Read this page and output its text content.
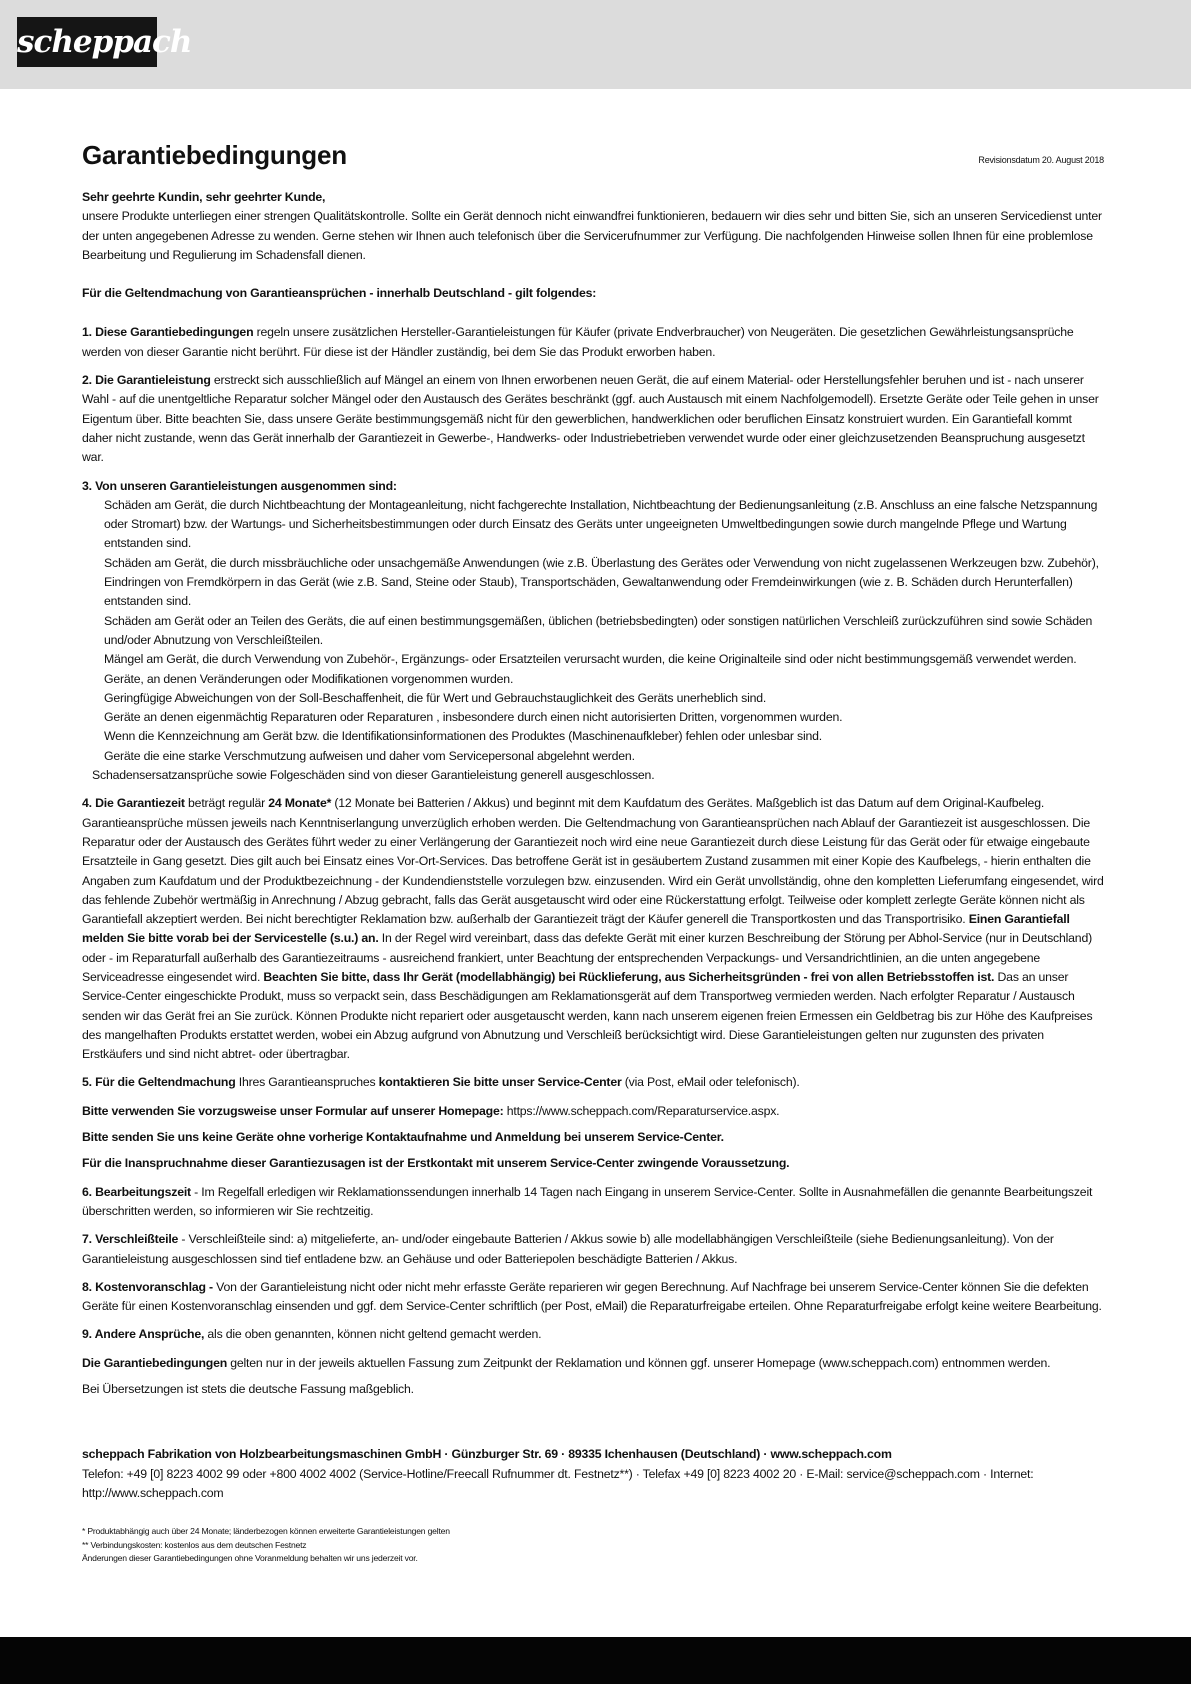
scheppach
Garantiebedingungen	Revisionsdatum 20. August 2018

Sehr geehrte Kundin, sehr geehrter Kunde,

unsere Produkte unterliegen einer strengen Qualitätskontrolle. Sollte ein Gerät dennoch nicht einwandfrei funktionieren, bedauern wir dies sehr und bitten Sie, sich an unseren Servicedienst unter der unten angegebenen Adresse zu wenden. Gerne stehen wir Ihnen auch telefonisch über die Servicerufnummer zur Verfügung. Die nachfolgenden Hinweise sollen Ihnen für eine problemlose Bearbeitung und Regulierung im Schadensfall dienen.

Für die Geltendmachung von Garantieansprüchen - innerhalb Deutschland - gilt folgendes:

1. Diese Garantiebedingungen regeln unsere zusätzlichen Hersteller-Garantieleistungen für Käufer (private Endverbraucher) von Neugeräten. Die gesetzlichen Gewährleistungsansprüche werden von dieser Garantie nicht berührt. Für diese ist der Händler zuständig, bei dem Sie das Produkt erworben haben.

2. Die Garantieleistung erstreckt sich ausschließlich auf Mängel an einem von Ihnen erworbenen neuen Gerät, die auf einem Material- oder Herstellungsfehler beruhen und ist - nach unserer Wahl - auf die unentgeltliche Reparatur solcher Mängel oder den Austausch des Gerätes beschränkt (ggf. auch Austausch mit einem Nachfolgemodell). Ersetzte Geräte oder Teile gehen in unser Eigentum über. Bitte beachten Sie, dass unsere Geräte bestimmungsgemäß nicht für den gewerblichen, handwerklichen oder beruflichen Einsatz konstruiert wurden. Ein Garantiefall kommt daher nicht zustande, wenn das Gerät innerhalb der Garantiezeit in Gewerbe-, Handwerks- oder Industriebetrieben verwendet wurde oder einer gleichzusetzenden Beanspruchung ausgesetzt war.

3. Von unseren Garantieleistungen ausgenommen sind:

Schäden am Gerät, die durch Nichtbeachtung der Montageanleitung, nicht fachgerechte Installation, Nichtbeachtung der Bedienungsanleitung (z.B. Anschluss an eine falsche Netzspannung oder Stromart) bzw. der Wartungs- und Sicherheitsbestimmungen oder durch Einsatz des Geräts unter ungeeigneten Umweltbedingungen sowie durch mangelnde Pflege und Wartung entstanden sind.

Schäden am Gerät, die durch missbräuchliche oder unsachgemäße Anwendungen (wie z.B. Überlastung des Gerätes oder Verwendung von nicht zugelassenen Werkzeugen bzw. Zubehör), Eindringen von Fremdkörpern in das Gerät (wie z.B. Sand, Steine oder Staub), Transportschäden, Gewaltanwendung oder Fremdeinwirkungen (wie z. B. Schäden durch Herunterfallen) entstanden sind.

Schäden am Gerät oder an Teilen des Geräts, die auf einen bestimmungsgemäßen, üblichen (betriebsbedingten) oder sonstigen natürlichen Verschleiß zurückzuführen sind sowie Schäden und/oder Abnutzung von Verschleißteilen.

Mängel am Gerät, die durch Verwendung von Zubehör-, Ergänzungs- oder Ersatzteilen verursacht wurden, die keine Originalteile sind oder nicht bestimmungsgemäß verwendet werden.

Geräte, an denen Veränderungen oder Modifikationen vorgenommen wurden.

Geringfügige Abweichungen von der Soll-Beschaffenheit, die für Wert und Gebrauchstauglichkeit des Geräts unerheblich sind.

Geräte an denen eigenmächtig Reparaturen oder Reparaturen , insbesondere durch einen nicht autorisierten Dritten, vorgenommen wurden.

Wenn die Kennzeichnung am Gerät bzw. die Identifikationsinformationen des Produktes (Maschinenaufkleber) fehlen oder unlesbar sind.

Geräte die eine starke Verschmutzung aufweisen und daher vom Servicepersonal abgelehnt werden.

Schadensersatzansprüche sowie Folgeschäden sind von dieser Garantieleistung generell ausgeschlossen.

4. Die Garantiezeit beträgt regulär 24 Monate* (12 Monate bei Batterien / Akkus) und beginnt mit dem Kaufdatum des Gerätes. Maßgeblich ist das Datum auf dem Original-Kaufbeleg. Garantieansprüche müssen jeweils nach Kenntniserlangung unverzüglich erhoben werden. Die Geltendmachung von Garantieansprüchen nach Ablauf der Garantiezeit ist ausgeschlossen. Die Reparatur oder der Austausch des Gerätes führt weder zu einer Verlängerung der Garantiezeit noch wird eine neue Garantiezeit durch diese Leistung für das Gerät oder für etwaige eingebaute Ersatzteile in Gang gesetzt. Dies gilt auch bei Einsatz eines Vor-Ort-Services. Das betroffene Gerät ist in gesäubertem Zustand zusammen mit einer Kopie des Kaufbelegs, - hierin enthalten die Angaben zum Kaufdatum und der Produktbezeichnung - der Kundendienststelle vorzulegen bzw. einzusenden. Wird ein Gerät unvollständig, ohne den kompletten Lieferumfang eingesendet, wird das fehlende Zubehör wertmäßig in Anrechnung / Abzug gebracht, falls das Gerät ausgetauscht wird oder eine Rückerstattung erfolgt. Teilweise oder komplett zerlegte Geräte können nicht als Garantiefall akzeptiert werden. Bei nicht berechtigter Reklamation bzw. außerhalb der Garantiezeit trägt der Käufer generell die Transportkosten und das Transportrisiko. Einen Garantiefall melden Sie bitte vorab bei der Servicestelle (s.u.) an. In der Regel wird vereinbart, dass das defekte Gerät mit einer kurzen Beschreibung der Störung per Abhol-Service (nur in Deutschland) oder - im Reparaturfall außerhalb des Garantiezeitraums - ausreichend frankiert, unter Beachtung der entsprechenden Verpackungs- und Versandrichtlinien, an die unten angegebene Serviceadresse eingesendet wird. Beachten Sie bitte, dass Ihr Gerät (modellabhängig) bei Rücklieferung, aus Sicherheitsgründen - frei von allen Betriebsstoffen ist. Das an unser Service-Center eingeschickte Produkt, muss so verpackt sein, dass Beschädigungen am Reklamationsgerät auf dem Transportweg vermieden werden. Nach erfolgter Reparatur / Austausch senden wir das Gerät frei an Sie zurück. Können Produkte nicht repariert oder ausgetauscht werden, kann nach unserem eigenen freien Ermessen ein Geldbetrag bis zur Höhe des Kaufpreises des mangelhaften Produkts erstattet werden, wobei ein Abzug aufgrund von Abnutzung und Verschleiß berücksichtigt wird. Diese Garantieleistungen gelten nur zugunsten des privaten Erstkäufers und sind nicht abtret- oder übertragbar.

5. Für die Geltendmachung Ihres Garantieanspruches kontaktieren Sie bitte unser Service-Center (via Post, eMail oder telefonisch).

Bitte verwenden Sie vorzugsweise unser Formular auf unserer Homepage: https://www.scheppach.com/Reparaturservice.aspx.

Bitte senden Sie uns keine Geräte ohne vorherige Kontaktaufnahme und Anmeldung bei unserem Service-Center.

Für die Inanspruchnahme dieser Garantiezusagen ist der Erstkontakt mit unserem Service-Center zwingende Voraussetzung.

6. Bearbeitungszeit - Im Regelfall erledigen wir Reklamationssendungen innerhalb 14 Tagen nach Eingang in unserem Service-Center. Sollte in Ausnahmefällen die genannte Bearbeitungszeit überschritten werden, so informieren wir Sie rechtzeitig.

7. Verschleißteile - Verschleißteile sind: a) mitgelieferte, an- und/oder eingebaute Batterien / Akkus sowie b) alle modellabhängigen Verschleißteile (siehe Bedienungsanleitung). Von der Garantieleistung ausgeschlossen sind tief entladene bzw. an Gehäuse und oder Batteriepolen beschädigte Batterien / Akkus.

8. Kostenvoranschlag - Von der Garantieleistung nicht oder nicht mehr erfasste Geräte reparieren wir gegen Berechnung. Auf Nachfrage bei unserem Service-Center können Sie die defekten Geräte für einen Kostenvoranschlag einsenden und ggf. dem Service-Center schriftlich (per Post, eMail) die Reparaturfreigabe erteilen. Ohne Reparaturfreigabe erfolgt keine weitere Bearbeitung.

9. Andere Ansprüche, als die oben genannten, können nicht geltend gemacht werden.

Die Garantiebedingungen gelten nur in der jeweils aktuellen Fassung zum Zeitpunkt der Reklamation und können ggf. unserer Homepage (www.scheppach.com) entnommen werden.

Bei Übersetzungen ist stets die deutsche Fassung maßgeblich.

scheppach Fabrikation von Holzbearbeitungsmaschinen GmbH · Günzburger Str. 69 · 89335 Ichenhausen (Deutschland) · www.scheppach.com

Telefon: +49 [0] 8223 4002 99 oder +800 4002 4002 (Service-Hotline/Freecall Rufnummer dt. Festnetz**) · Telefax +49 [0] 8223 4002 20 · E-Mail: service@scheppach.com · Internet: http://www.scheppach.com

* Produktabhängig auch über 24 Monate; länderbezogen können erweiterte Garantieleistungen gelten

** Verbindungskosten: kostenlos aus dem deutschen Festnetz

Änderungen dieser Garantiebedingungen ohne Voranmeldung behalten wir uns jederzeit vor.
